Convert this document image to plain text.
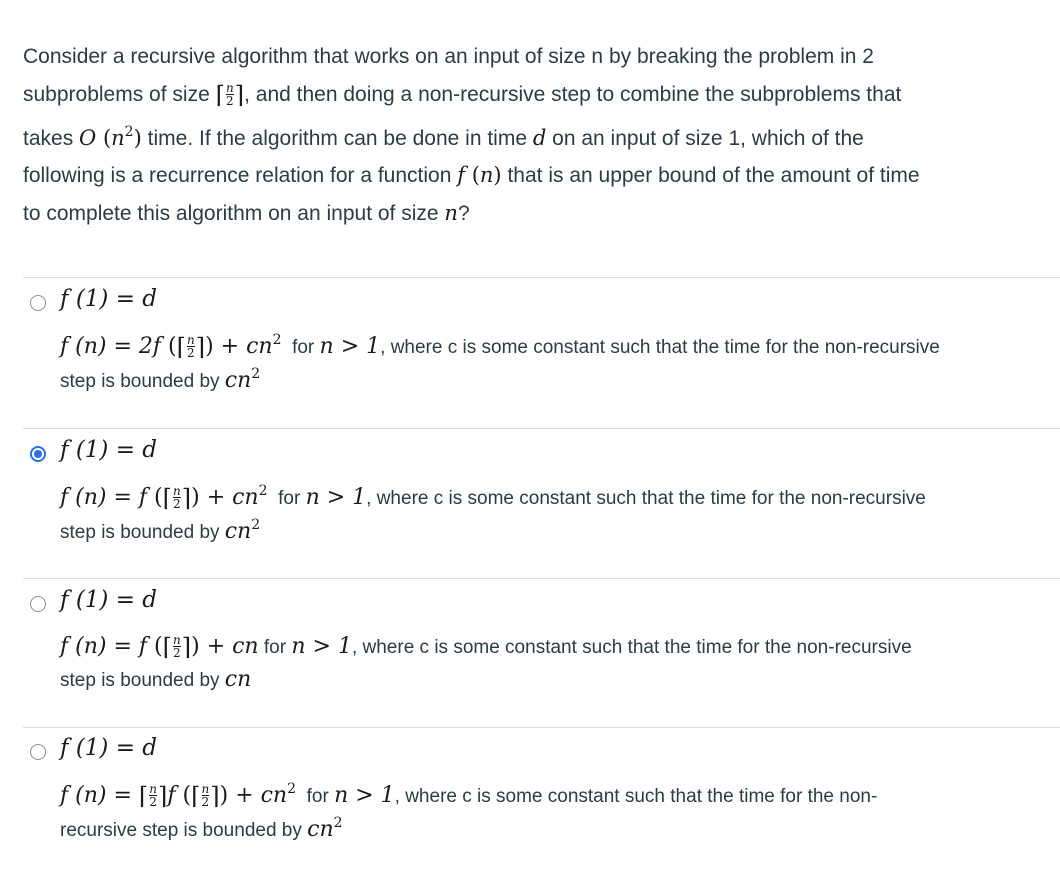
Consider a recursive algorithm that works on an input of size n by breaking the problem in 2
subproblems of size ⌈ $\frac{n}{2}$ ⌉, and then doing a non-recursive step to combine the subproblems that
takes O $(n^2)$ time. If the algorithm can be done in time d on an input of size 1, which of the
following is a recurrence relation for a function f (n) that is an upper bound of the amount of time
to complete this algorithm on an input of size n?
f (1) = d
f (n) = 2f (⌈ $\frac{n}{2}$ ⌉) + $cn^2$ for n > 1, where c is some constant such that the time for the non-recursive
step is bounded by $cn^2$
f (1) = d
f (n) = f (⌈ $\frac{n}{2}$ ⌉) + $cn^2$ for n > 1, where c is some constant such that the time for the non-recursive
step is bounded by $cn^2$
f (1) = d
f (n) = f (⌈ $\frac{n}{2}$ ⌉) + cn for n > 1, where c is some constant such that the time for the non-recursive
step is bounded by cn
f (1) = d
f (n) = ⌈ $\frac{n}{2}$ ⌉f (⌈ $\frac{n}{2}$ ⌉) + $cn^2$ for n > 1, where c is some constant such that the time for the non-
recursive step is bounded by $cn^2$
